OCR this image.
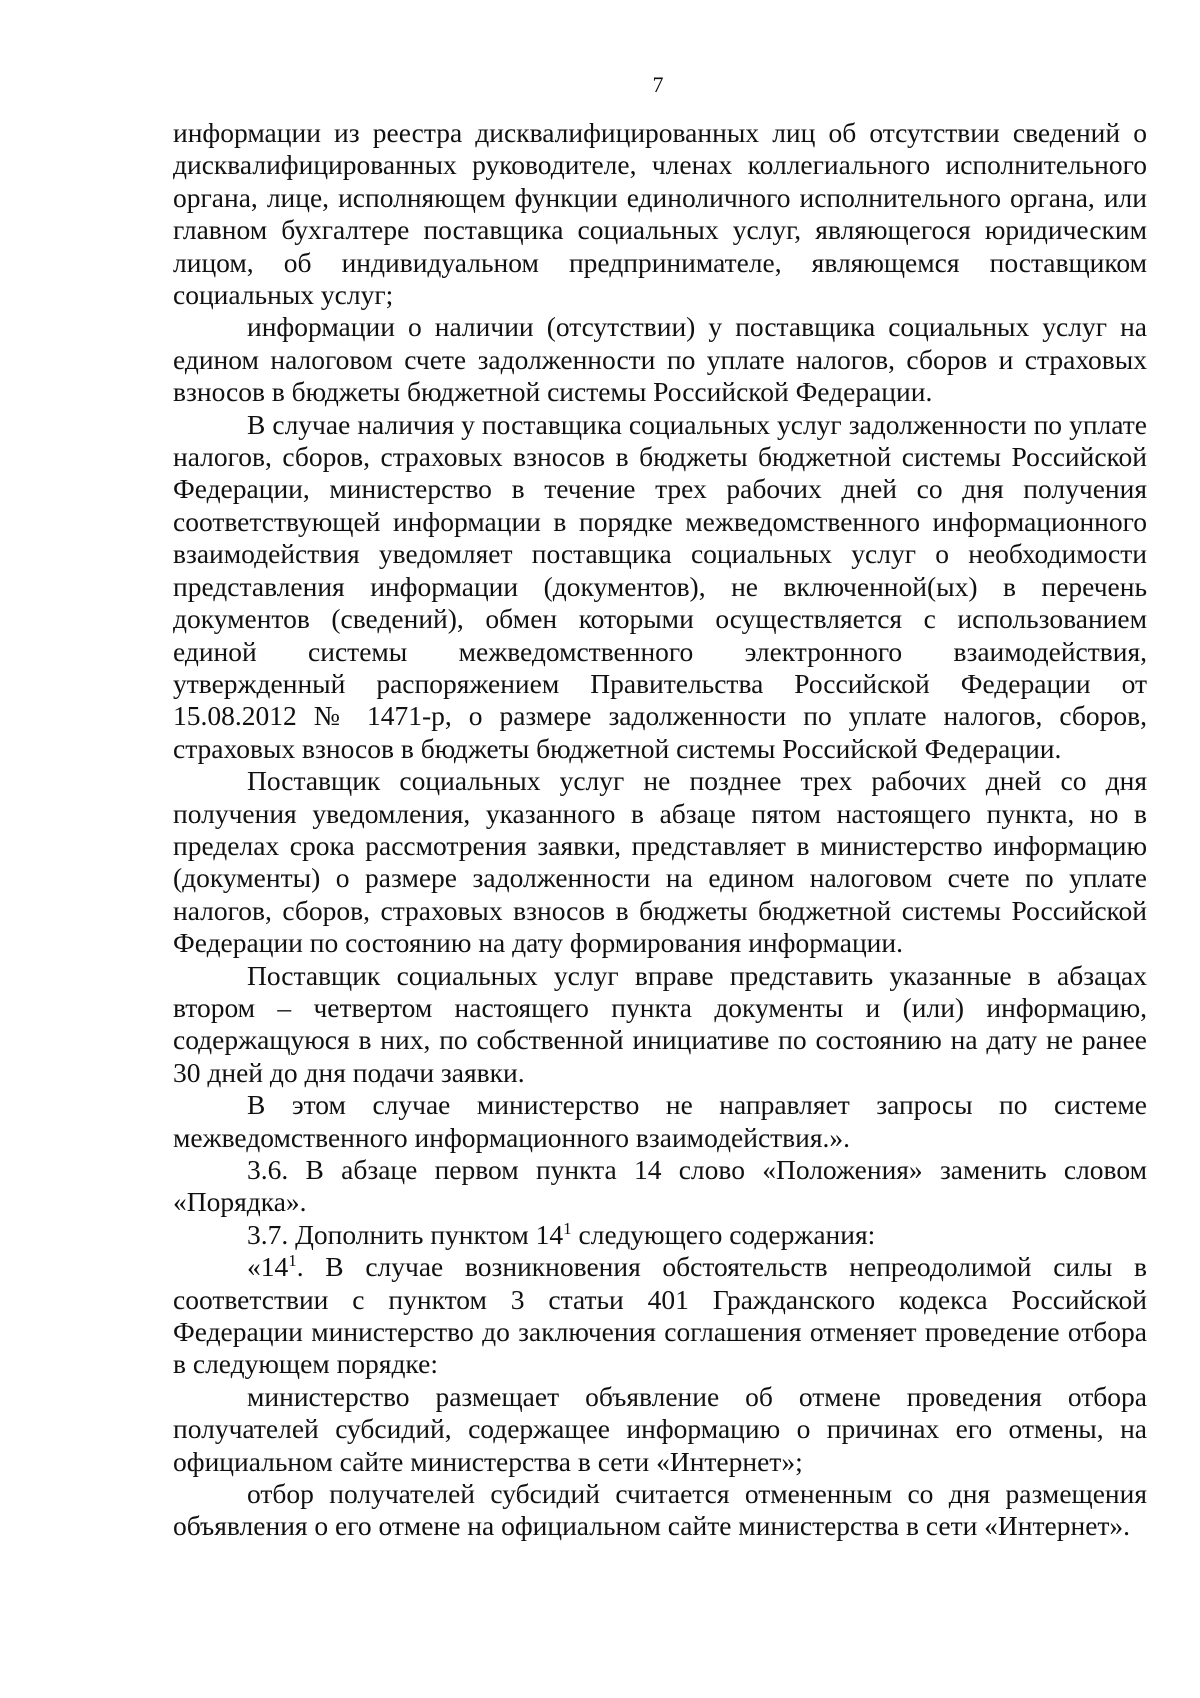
7

информации из реестра дисквалифицированных лиц об отсутствии сведений о дисквалифицированных руководителе, членах коллегиального исполнительного органа, лице, исполняющем функции единоличного исполнительного органа, или главном бухгалтере поставщика социальных услуг, являющегося юридическим лицом, об индивидуальном предпринимателе, являющемся поставщиком социальных услуг;

информации о наличии (отсутствии) у поставщика социальных услуг на едином налоговом счете задолженности по уплате налогов, сборов и страховых взносов в бюджеты бюджетной системы Российской Федерации.

В случае наличия у поставщика социальных услуг задолженности по уплате налогов, сборов, страховых взносов в бюджеты бюджетной системы Российской Федерации, министерство в течение трех рабочих дней со дня получения соответствующей информации в порядке межведомственного информационного взаимодействия уведомляет поставщика социальных услуг о необходимости представления информации (документов), не включенной(ых) в перечень документов (сведений), обмен которыми осуществляется с использованием единой системы межведомственного электронного взаимодействия, утвержденный распоряжением Правительства Российской Федерации от 15.08.2012 № 1471-р, о размере задолженности по уплате налогов, сборов, страховых взносов в бюджеты бюджетной системы Российской Федерации.

Поставщик социальных услуг не позднее трех рабочих дней со дня получения уведомления, указанного в абзаце пятом настоящего пункта, но в пределах срока рассмотрения заявки, представляет в министерство информацию (документы) о размере задолженности на едином налоговом счете по уплате налогов, сборов, страховых взносов в бюджеты бюджетной системы Российской Федерации по состоянию на дату формирования информации.

Поставщик социальных услуг вправе представить указанные в абзацах втором – четвертом настоящего пункта документы и (или) информацию, содержащуюся в них, по собственной инициативе по состоянию на дату не ранее 30 дней до дня подачи заявки.

В этом случае министерство не направляет запросы по системе межведомственного информационного взаимодействия.».

3.6. В абзаце первом пункта 14 слово «Положения» заменить словом «Порядка».

3.7. Дополнить пунктом $14^1$ следующего содержания:

«$14^1$. В случае возникновения обстоятельств непреодолимой силы в соответствии с пунктом 3 статьи 401 Гражданского кодекса Российской Федерации министерство до заключения соглашения отменяет проведение отбора в следующем порядке:

министерство размещает объявление об отмене проведения отбора получателей субсидий, содержащее информацию о причинах его отмены, на официальном сайте министерства в сети «Интернет»;

отбор получателей субсидий считается отмененным со дня размещения объявления о его отмене на официальном сайте министерства в сети «Интернет».
